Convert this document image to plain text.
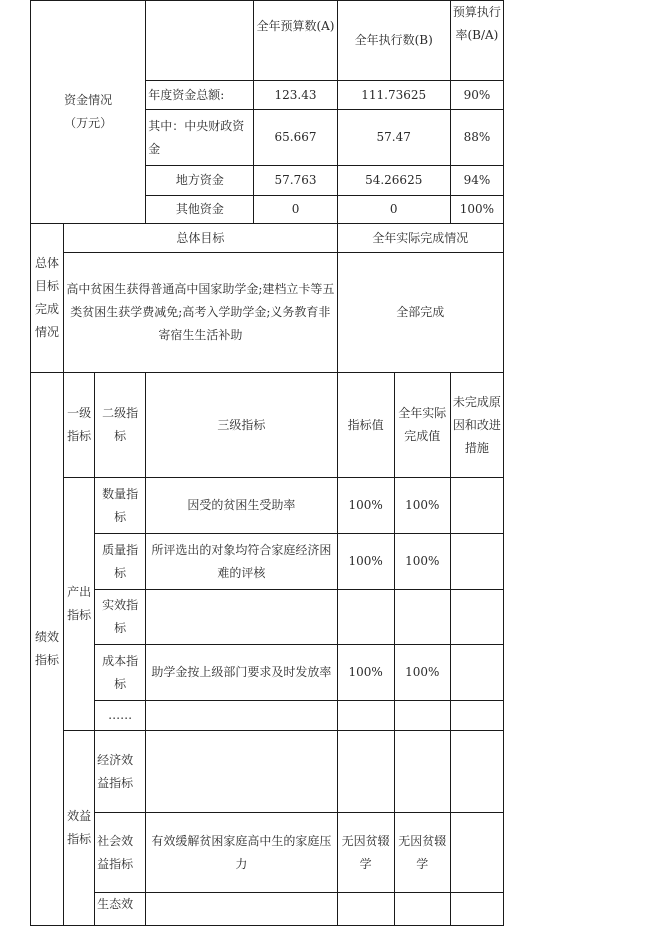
资金情况
（万元）				全年预算数(A)	全年执行数(B)		预算执行率(B/A)
			年度资金总额:	123.43	111.73625		90%
			其中：中央财政资金	65.667	57.47		88%
			地方资金	57.763	54.26625		94%
			其他资金	0	0		100%
总体目标完成情况	总体目标				全年实际完成情况		
	高中贫困生获得普通高中国家助学金;建档立卡等五类贫困生获学费减免;高考入学助学金;义务教育非寄宿生生活补助				全部完成		
绩效指标	一级指标	二级指标	三级指标		指标值	全年实际完成值	未完成原因和改进措施
	产出指标	数量指标	因受的贫困生受助率		100%	100%	
		质量指标	所评选出的对象均符合家庭经济困难的评核		100%	100%	
		实效指标					
		成本指标	助学金按上级部门要求及时发放率		100%	100%	
		……					
	效益指标	经济效益指标					
		社会效益指标	有效缓解贫困家庭高中生的家庭压力		无因贫辍学	无因贫辍学	
		生态效					
